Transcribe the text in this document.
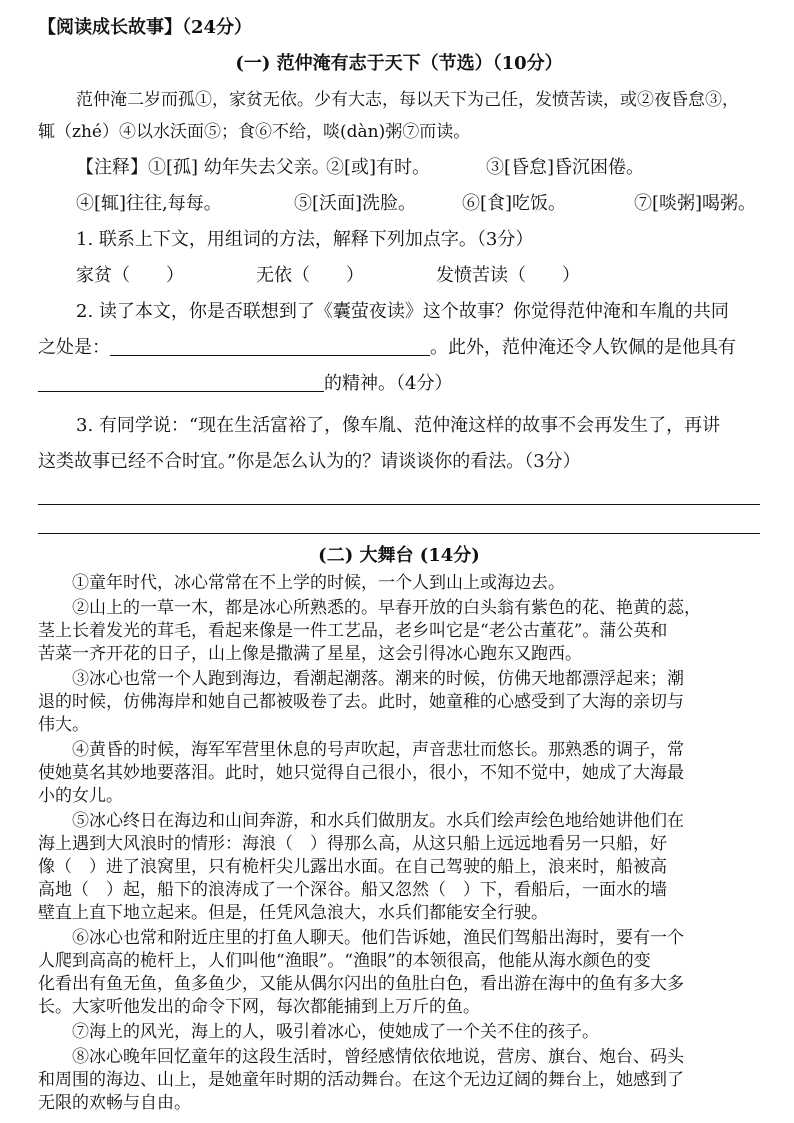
【阅读成长故事】（24分）
(一) 范仲淹有志于天下（节选）（10分）
范仲淹二岁而孤①，家贫无依。少有大志，每以天下为己任，发愤苦读，或②夜昏怠③，
辄（zhé）④以水沃面⑤；食⑥不给，啖(dàn)粥⑦而读。
【注释】 ①[孤] 幼年失去父亲。
②[或]有时。	③[昏怠]昏沉困倦。
④[辄]往往,每每。	⑤[沃面]洗脸。	⑥[食]吃饭。	⑦[啖粥]喝粥。
1. 联系上下文，用组词的方法，解释下列加点字。（3分）
家贫（　　）	无依（　　）	发愤苦读（　　）
2. 读了本文，你是否联想到了《囊萤夜读》这个故事？你觉得范仲淹和车胤的共同
之处是：	。此外，范仲淹还令人钦佩的是他具有
的精神。（4分）
3. 有同学说：“现在生活富裕了，像车胤、范仲淹这样的故事不会再发生了，再讲
这类故事已经不合时宜。”你是怎么认为的？请谈谈你的看法。（3分）
(二) 大舞台 (14分)
①童年时代，冰心常常在不上学的时候，一个人到山上或海边去。
②山上的一草一木，都是冰心所熟悉的。早春开放的白头翁有紫色的花、艳黄的蕊，
茎上长着发光的茸毛，看起来像是一件工艺品，老乡叫它是“老公古董花”。蒲公英和
苦菜一齐开花的日子，山上像是撒满了星星，这会引得冰心跑东又跑西。
③冰心也常一个人跑到海边，看潮起潮落。潮来的时候，仿佛天地都漂浮起来；潮
退的时候，仿佛海岸和她自己都被吸卷了去。此时，她童稚的心感受到了大海的亲切与
伟大。
④黄昏的时候，海军军营里休息的号声吹起，声音悲壮而悠长。那熟悉的调子，常
使她莫名其妙地要落泪。此时，她只觉得自己很小，很小，不知不觉中，她成了大海最
小的女儿。
⑤冰心终日在海边和山间奔游，和水兵们做朋友。水兵们绘声绘色地给她讲他们在
海上遇到大风浪时的情形：海浪（　）得那么高，从这只船上远远地看另一只船，好
像（　）进了浪窝里，只有桅杆尖儿露出水面。在自己驾驶的船上，浪来时，船被高
高地（　）起，船下的浪涛成了一个深谷。船又忽然（　）下，看船后，一面水的墙
壁直上直下地立起来。但是，任凭风急浪大，水兵们都能安全行驶。
⑥冰心也常和附近庄里的打鱼人聊天。他们告诉她，渔民们驾船出海时，要有一个
人爬到高高的桅杆上，人们叫他“渔眼”。“渔眼”的本领很高，他能从海水颜色的变
化看出有鱼无鱼，鱼多鱼少，又能从偶尔闪出的鱼肚白色，看出游在海中的鱼有多大多
长。大家听他发出的命令下网，每次都能捕到上万斤的鱼。
⑦海上的风光，海上的人，吸引着冰心，使她成了一个关不住的孩子。
⑧冰心晚年回忆童年的这段生活时，曾经感情依依地说，营房、旗台、炮台、码头
和周围的海边、山上，是她童年时期的活动舞台。在这个无边辽阔的舞台上，她感到了
无限的欢畅与自由。
